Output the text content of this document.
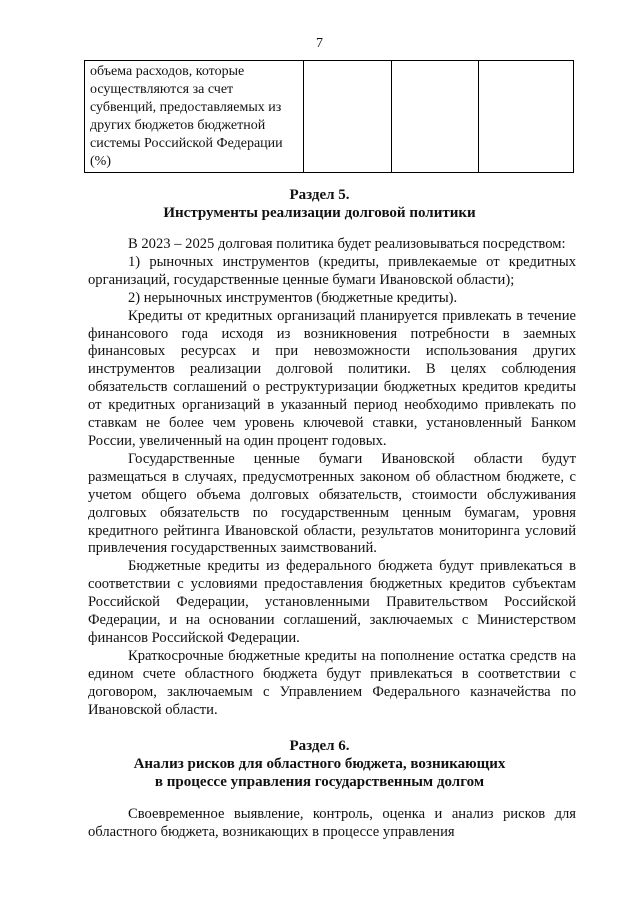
7
объема расходов, которые осуществляются за счет субвенций, предоставляемых из других бюджетов бюджетной системы Российской Федерации (%)			
Раздел 5.
Инструменты реализации долговой политики

В 2023 – 2025 долговая политика будет реализовываться посредством:

1) рыночных инструментов (кредиты, привлекаемые от кредитных организаций, государственные ценные бумаги Ивановской области);

2) нерыночных инструментов (бюджетные кредиты).

Кредиты от кредитных организаций планируется привлекать в течение финансового года исходя из возникновения потребности в заемных финансовых ресурсах и при невозможности использования других инструментов реализации долговой политики. В целях соблюдения обязательств соглашений о реструктуризации бюджетных кредитов кредиты от кредитных организаций в указанный период необходимо привлекать по ставкам не более чем уровень ключевой ставки, установленный Банком России, увеличенный на один процент годовых.

Государственные ценные бумаги Ивановской области будут размещаться в случаях, предусмотренных законом об областном бюджете, с учетом общего объема долговых обязательств, стоимости обслуживания долговых обязательств по государственным ценным бумагам, уровня кредитного рейтинга Ивановской области, результатов мониторинга условий привлечения государственных заимствований.

Бюджетные кредиты из федерального бюджета будут привлекаться в соответствии с условиями предоставления бюджетных кредитов субъектам Российской Федерации, установленными Правительством Российской Федерации, и на основании соглашений, заключаемых с Министерством финансов Российской Федерации.

Краткосрочные бюджетные кредиты на пополнение остатка средств на едином счете областного бюджета будут привлекаться в соответствии с договором, заключаемым с Управлением Федерального казначейства по Ивановской области.

Раздел 6.
Анализ рисков для областного бюджета, возникающих
в процессе управления государственным долгом

Своевременное выявление, контроль, оценка и анализ рисков для областного бюджета, возникающих в процессе управления
